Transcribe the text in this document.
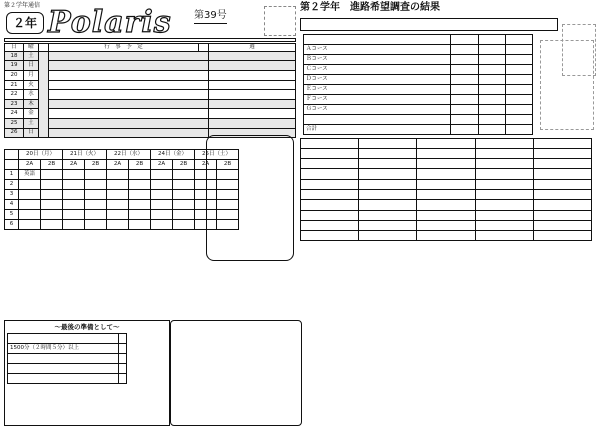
第２学年通信
２年 Polaris 第39号
日	曜		行　事　予　定		週
18	土				
19	日				
20	月				
21	火				
22	水				
23	木				
24	金				
25	土				
26	日				
	20日（月）		21日（火）		22日（水）		24日（金）		25日（土）	
	2A	2B	2A	2B	2A	2B	2A	2B	2A	2B
1	英語									
2										
3										
4										
5										
6										
〜最後の準備として〜

1500分（２時間５分）以上	

第２学年　進路希望調査の結果

Ａコース			
Ｂコース			
Ｃコース			
Ｄコース			
Ｅコース			
Ｆコース			
Ｇコース			

合計			
